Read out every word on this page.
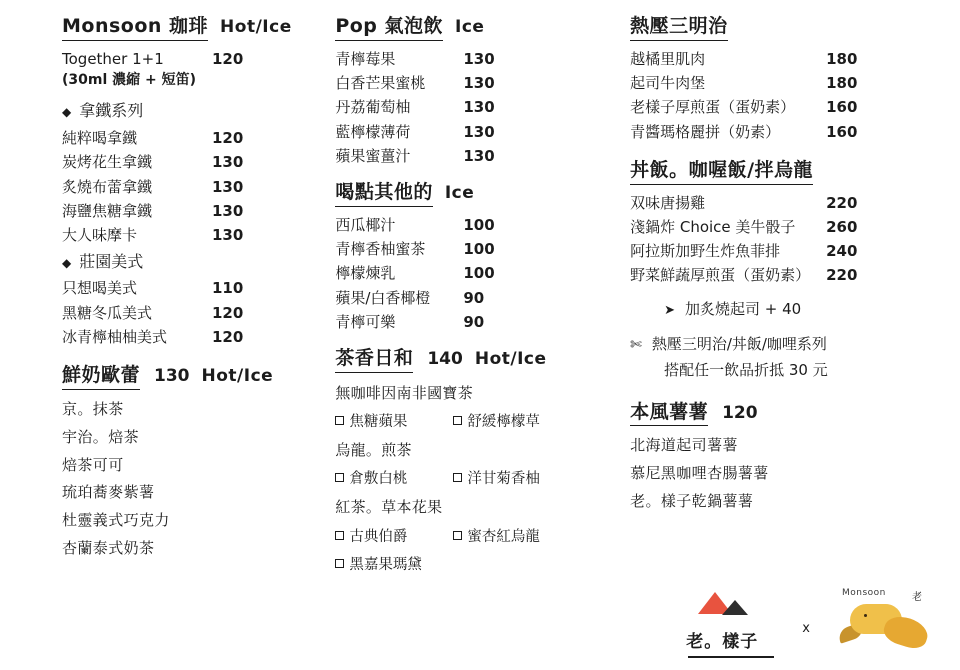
Monsoon 珈琲 Hot/Ice
Together 1+1	120
(30ml 濃縮 + 短笛)
◆ 拿鐵系列
純粹喝拿鐵	120
炭烤花生拿鐵	130
炙燒布蕾拿鐵	130
海鹽焦糖拿鐵	130
大人味摩卡	130
◆ 莊園美式
只想喝美式	110
黑糖冬瓜美式	120
冰青檸柚柚美式	120
鮮奶歐蕾 130 Hot/Ice
京。抹茶
宇治。焙茶
焙茶可可
琉珀蕎麥紫薯
杜靈義式巧克力
杏蘭泰式奶茶
Pop 氣泡飲 Ice
青檸莓果	130
白香芒果蜜桃	130
丹荔葡萄柚	130
藍檸檬薄荷	130
蘋果蜜薑汁	130
喝點其他的 Ice
西瓜椰汁	100
青檸香柚蜜茶	100
檸檬煉乳	100
蘋果/白香椰橙	90
青檸可樂	90
茶香日和 140 Hot/Ice
無咖啡因南非國寶茶
焦糖蘋果	舒緩檸檬草
烏龍。煎茶
倉敷白桃	洋甘菊香柚
紅茶。草本花果
古典伯爵	蜜杏紅烏龍
黑嘉果瑪黛
熱壓三明治
越橘里肌肉	180
起司牛肉堡	180
老樣子厚煎蛋（蛋奶素）	160
青醬瑪格麗拼（奶素）	160
丼飯。咖喔飯/拌烏龍
双味唐揚雞	220
淺鍋炸 Choice 美牛骰子	260
阿拉斯加野生炸魚菲排	240
野菜鮮蔬厚煎蛋（蛋奶素）	220
➤ 加炙燒起司 + 40
✄ 熱壓三明治/丼飯/咖哩系列
搭配任一飲品折抵 30 元
本風薯薯 120
北海道起司薯薯
慕尼黑咖哩杏腸薯薯
老。樣子乾鍋薯薯
老。樣子
x
Monsoon	老
